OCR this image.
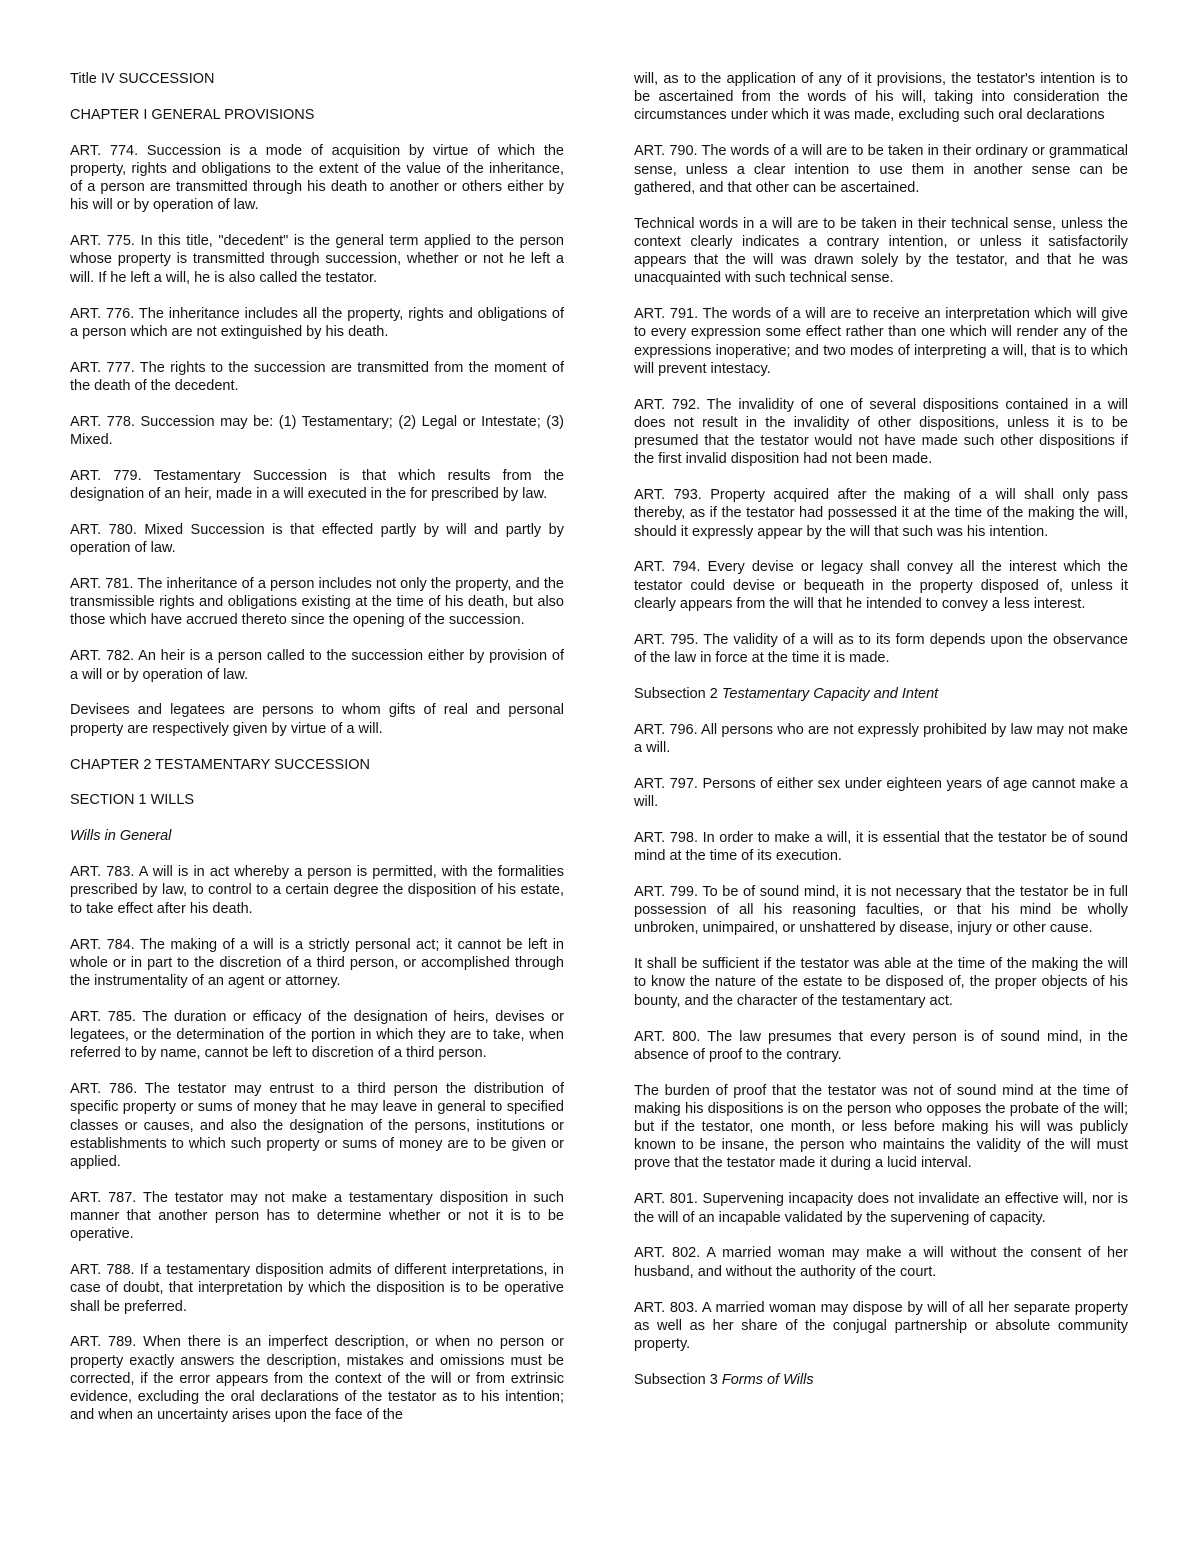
Title IV SUCCESSION

CHAPTER I GENERAL PROVISIONS

ART. 774. Succession is a mode of acquisition by virtue of which the property, rights and obligations to the extent of the value of the inheritance, of a person are transmitted through his death to another or others either by his will or by operation of law.

ART. 775. In this title, "decedent" is the general term applied to the person whose property is transmitted through succession, whether or not he left a will. If he left a will, he is also called the testator.

ART. 776. The inheritance includes all the property, rights and obligations of a person which are not extinguished by his death.

ART. 777. The rights to the succession are transmitted from the moment of the death of the decedent.

ART. 778. Succession may be: (1) Testamentary; (2) Legal or Intestate; (3) Mixed.

ART. 779. Testamentary Succession is that which results from the designation of an heir, made in a will executed in the for prescribed by law.

ART. 780. Mixed Succession is that effected partly by will and partly by operation of law.

ART. 781. The inheritance of a person includes not only the property, and the transmissible rights and obligations existing at the time of his death, but also those which have accrued thereto since the opening of the succession.

ART. 782. An heir is a person called to the succession either by provision of a will or by operation of law.

Devisees and legatees are persons to whom gifts of real and personal property are respectively given by virtue of a will.

CHAPTER 2 TESTAMENTARY SUCCESSION

SECTION 1 WILLS

Wills in General

ART. 783. A will is in act whereby a person is permitted, with the formalities prescribed by law, to control to a certain degree the disposition of his estate, to take effect after his death.

ART. 784. The making of a will is a strictly personal act; it cannot be left in whole or in part to the discretion of a third person, or accomplished through the instrumentality of an agent or attorney.

ART. 785. The duration or efficacy of the designation of heirs, devises or legatees, or the determination of the portion in which they are to take, when referred to by name, cannot be left to discretion of a third person.

ART. 786. The testator may entrust to a third person the distribution of specific property or sums of money that he may leave in general to specified classes or causes, and also the designation of the persons, institutions or establishments to which such property or sums of money are to be given or applied.

ART. 787. The testator may not make a testamentary disposition in such manner that another person has to determine whether or not it is to be operative.

ART. 788. If a testamentary disposition admits of different interpretations, in case of doubt, that interpretation by which the disposition is to be operative shall be preferred.

ART. 789. When there is an imperfect description, or when no person or property exactly answers the description, mistakes and omissions must be corrected, if the error appears from the context of the will or from extrinsic evidence, excluding the oral declarations of the testator as to his intention; and when an uncertainty arises upon the face of the

will, as to the application of any of it provisions, the testator's intention is to be ascertained from the words of his will, taking into consideration the circumstances under which it was made, excluding such oral declarations

ART. 790. The words of a will are to be taken in their ordinary or grammatical sense, unless a clear intention to use them in another sense can be gathered, and that other can be ascertained.

Technical words in a will are to be taken in their technical sense, unless the context clearly indicates a contrary intention, or unless it satisfactorily appears that the will was drawn solely by the testator, and that he was unacquainted with such technical sense.

ART. 791. The words of a will are to receive an interpretation which will give to every expression some effect rather than one which will render any of the expressions inoperative; and two modes of interpreting a will, that is to which will prevent intestacy.

ART. 792. The invalidity of one of several dispositions contained in a will does not result in the invalidity of other dispositions, unless it is to be presumed that the testator would not have made such other dispositions if the first invalid disposition had not been made.

ART. 793. Property acquired after the making of a will shall only pass thereby, as if the testator had possessed it at the time of the making the will, should it expressly appear by the will that such was his intention.

ART. 794. Every devise or legacy shall convey all the interest which the testator could devise or bequeath in the property disposed of, unless it clearly appears from the will that he intended to convey a less interest.

ART. 795. The validity of a will as to its form depends upon the observance of the law in force at the time it is made.

Subsection 2 Testamentary Capacity and Intent

ART. 796. All persons who are not expressly prohibited by law may not make a will.

ART. 797. Persons of either sex under eighteen years of age cannot make a will.

ART. 798. In order to make a will, it is essential that the testator be of sound mind at the time of its execution.

ART. 799. To be of sound mind, it is not necessary that the testator be in full possession of all his reasoning faculties, or that his mind be wholly unbroken, unimpaired, or unshattered by disease, injury or other cause.

It shall be sufficient if the testator was able at the time of the making the will to know the nature of the estate to be disposed of, the proper objects of his bounty, and the character of the testamentary act.

ART. 800. The law presumes that every person is of sound mind, in the absence of proof to the contrary.

The burden of proof that the testator was not of sound mind at the time of making his dispositions is on the person who opposes the probate of the will; but if the testator, one month, or less before making his will was publicly known to be insane, the person who maintains the validity of the will must prove that the testator made it during a lucid interval.

ART. 801. Supervening incapacity does not invalidate an effective will, nor is the will of an incapable validated by the supervening of capacity.

ART. 802. A married woman may make a will without the consent of her husband, and without the authority of the court.

ART. 803. A married woman may dispose by will of all her separate property as well as her share of the conjugal partnership or absolute community property.

Subsection 3 Forms of Wills
